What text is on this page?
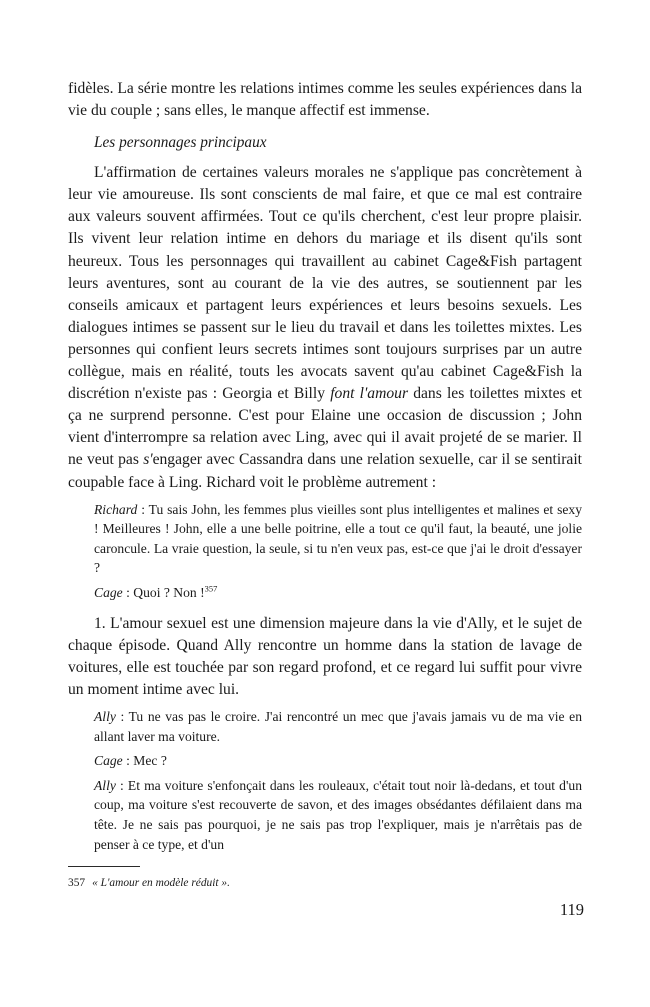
fidèles. La série montre les relations intimes comme les seules expériences dans la vie du couple ; sans elles, le manque affectif est immense.

Les personnages principaux

L'affirmation de certaines valeurs morales ne s'applique pas concrètement à leur vie amoureuse. Ils sont conscients de mal faire, et que ce mal est contraire aux valeurs souvent affirmées. Tout ce qu'ils cherchent, c'est leur propre plaisir. Ils vivent leur relation intime en dehors du mariage et ils disent qu'ils sont heureux. Tous les personnages qui travaillent au cabinet Cage&Fish partagent leurs aventures, sont au courant de la vie des autres, se soutiennent par les conseils amicaux et partagent leurs expériences et leurs besoins sexuels. Les dialogues intimes se passent sur le lieu du travail et dans les toilettes mixtes. Les personnes qui confient leurs secrets intimes sont toujours surprises par un autre collègue, mais en réalité, touts les avocats savent qu'au cabinet Cage&Fish la discrétion n'existe pas : Georgia et Billy font l'amour dans les toilettes mixtes et ça ne surprend personne. C'est pour Elaine une occasion de discussion ; John vient d'interrompre sa relation avec Ling, avec qui il avait projeté de se marier. Il ne veut pas s'engager avec Cassandra dans une relation sexuelle, car il se sentirait coupable face à Ling. Richard voit le problème autrement :

Richard : Tu sais John, les femmes plus vieilles sont plus intelligentes et malines et sexy ! Meilleures ! John, elle a une belle poitrine, elle a tout ce qu'il faut, la beauté, une jolie caroncule. La vraie question, la seule, si tu n'en veux pas, est-ce que j'ai le droit d'essayer ?

Cage : Quoi ? Non !$^{357}$

1. L'amour sexuel est une dimension majeure dans la vie d'Ally, et le sujet de chaque épisode. Quand Ally rencontre un homme dans la station de lavage de voitures, elle est touchée par son regard profond, et ce regard lui suffit pour vivre un moment intime avec lui.

Ally : Tu ne vas pas le croire. J'ai rencontré un mec que j'avais jamais vu de ma vie en allant laver ma voiture.

Cage : Mec ?

Ally : Et ma voiture s'enfonçait dans les rouleaux, c'était tout noir là-dedans, et tout d'un coup, ma voiture s'est recouverte de savon, et des images obsédantes défilaient dans ma tête. Je ne sais pas pourquoi, je ne sais pas trop l'expliquer, mais je n'arrêtais pas de penser à ce type, et d'un

357 « L'amour en modèle réduit ».

119
